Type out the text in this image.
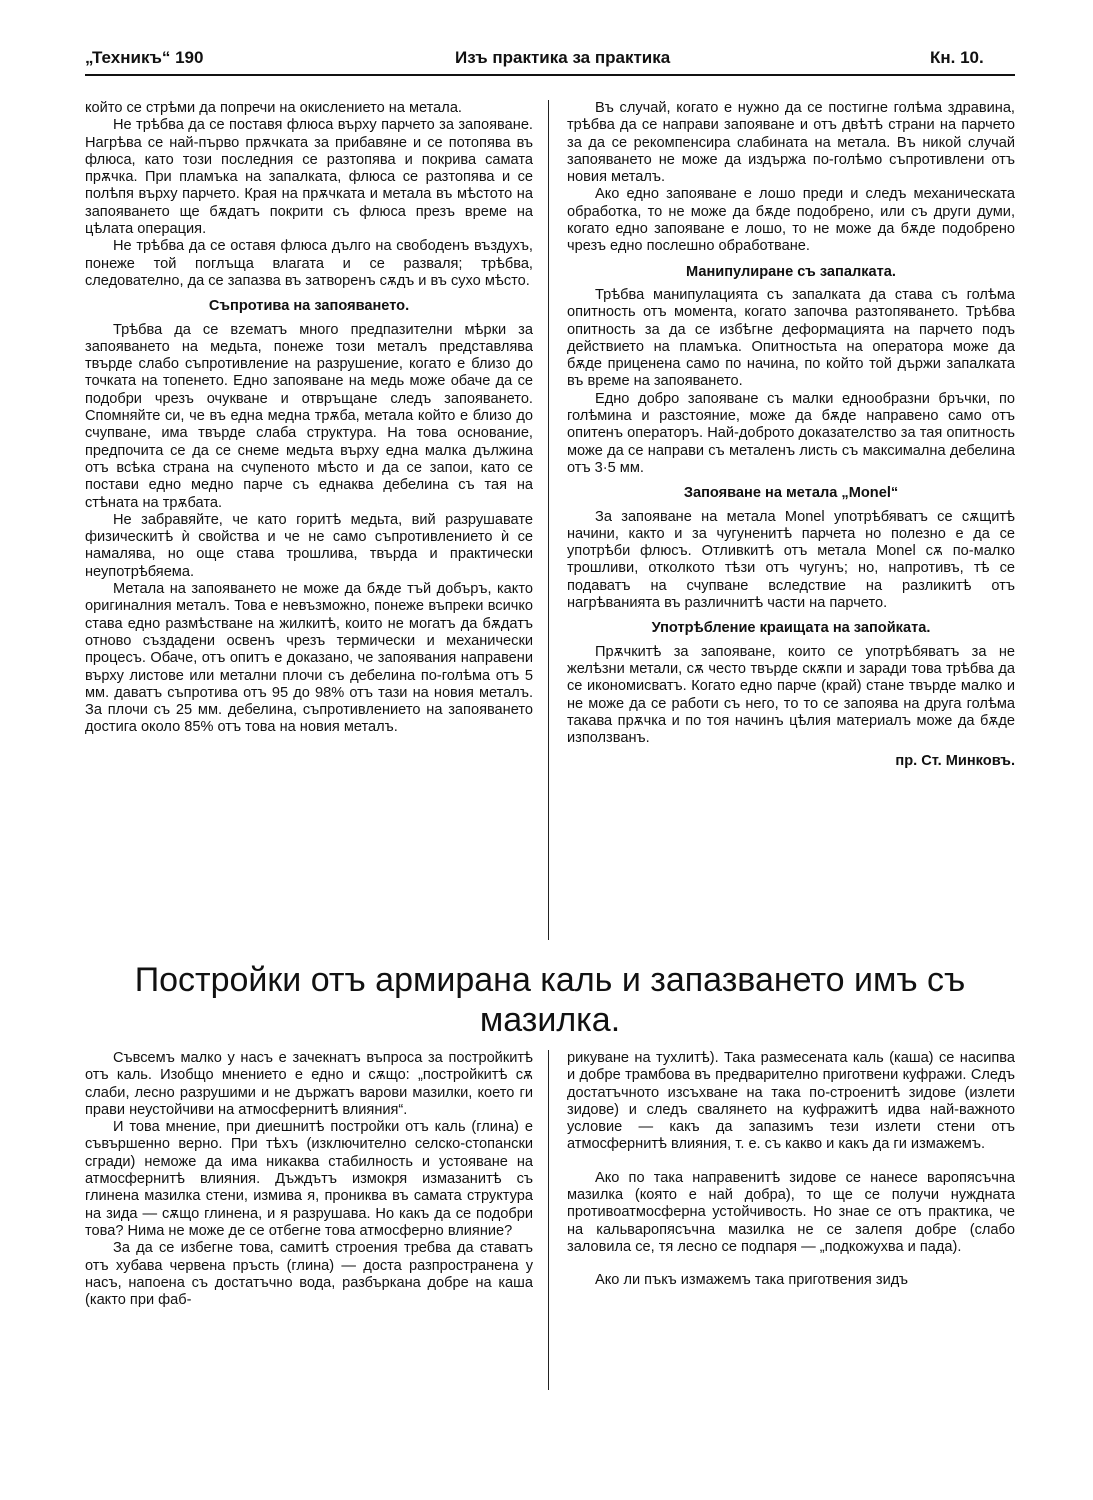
„Техникъ“ 190	Изъ практика за практика	Кн. 10.

който се стрѣми да попречи на окислението на метала.

Не трѣбва да се поставя флюса върху парчето за запояване. Нагрѣва се най-първо прѫчката за прибавяне и се потопява въ флюса, като този последния се разтопява и покрива самата прѫчка. При пламъка на запалката, флюса се разтопява и се полѣпя върху парчето. Края на прѫчката и метала въ мѣстото на запояването ще бѫдатъ покрити съ флюса презъ време на цѣлата операция.

Не трѣбва да се оставя флюса дълго на свободенъ въздухъ, понеже той поглъща влагата и се разваля; трѣбва, следователно, да се запазва въ затворенъ сѫдъ и въ сухо мѣсто.

Съпротива на запояването.

Трѣбва да се вzематъ много предпазителни мѣрки за запояването на медьта, понеже този металъ представлява твърде слабо съпротивление на разрушение, когато е близо до точката на топенето. Едно запояване на медь може обаче да се подобри чрезъ очукване и отвръщане следъ запояването. Спомняйте си, че въ една медна трѫба, метала който е близо до счупване, има твърде слаба структура. На това основание, предпочита се да се снеме медьта върху една малка дължина отъ всѣка страна на счупеното мѣсто и да се запои, като се постави едно медно парче съ еднаква дебелина съ тая на стѣната на трѫбата.

Не забравяйте, че като горитѣ медьта, вий разрушавате физическитѣ ѝ свойства и че не само съпротивлението ѝ се намалява, но още става трошлива, твърда и практически неупотрѣбяема.

Метала на запояването не може да бѫде тъй добъръ, както оригиналния металъ. Това е невъзможно, понеже въпреки всичко става едно размѣстване на жилкитѣ, които не могатъ да бѫдатъ отново създадени освенъ чрезъ термически и механически процесъ. Обаче, отъ опитъ е доказано, че запоявания направени върху листове или метални плочи съ дебелина по-голѣма отъ 5 мм. даватъ съпротива отъ 95 до 98% отъ тази на новия металъ. За плочи съ 25 мм. дебелина, съпротивлението на запояването достига около 85% отъ това на новия металъ.

Въ случай, когато е нужно да се постигне голѣма здравина, трѣбва да се направи запояване и отъ двѣтѣ страни на парчето за да се рекомпенсира слабината на метала. Въ никой случай запояването не може да издържа по-голѣмо съпротивлени отъ новия металъ.

Ако едно запояване е лошо преди и следъ механическата обработка, то не може да бѫде подобрено, или съ други думи, когато едно запояване е лошо, то не може да бѫде подобрено чрезъ едно послешно обработване.

Манипулиране съ запалката.

Трѣбва манипулацията съ запалката да става съ голѣма опитность отъ момента, когато започва разтопяването. Трѣбва опитность за да се избѣгне деформацията на парчето подъ действието на пламъка. Опитностьта на оператора може да бѫде прицененa само по начина, по който той държи запалката въ време на запояването.

Едно добро запояване съ малки еднообразни бръчки, по голѣмина и разстояние, може да бѫде направено само отъ опитенъ операторъ. Най-доброто доказателство за тая опитность може да се направи съ металенъ листь съ максимална дебелина отъ 3·5 мм.

Запояване на метала „Monel“

За запояване на метала Monel употрѣбяватъ се сѫщитѣ начини, както и за чугуненитѣ парчета но полезно е да се употрѣби флюсъ. Отливкитѣ отъ метала Monel сѫ по-малко трошливи, отколкото тѣзи отъ чугунъ; но, напротивъ, тѣ се подаватъ на счупване вследствие на разликитѣ отъ нагрѣванията въ различнитѣ части на парчето.

Употрѣбление краищата на запойката.

Прѫчкитѣ за запояване, които се употрѣбяватъ за не желѣзни метали, сѫ често твърде скѫпи и заради това трѣбва да се икономисватъ. Когато едно парче (край) стане твърде малко и не може да се работи съ него, то то се запоява на друга голѣма такава прѫчка и по тоя начинъ цѣлия материалъ може да бѫде използванъ.

пр. Ст. Минковъ.
Постройки отъ армирана каль и запазването имъ съ мазилка.

Съвсемъ малко у насъ е зачекнатъ въпроса за постройкитѣ отъ каль. Изобщо мнението е едно и сѫщо: „постройкитѣ сѫ слаби, лесно разрушими и не държатъ варови мазилки, което ги прави неустойчиви на атмосфернитѣ влияния“.

И това мнение, при диешнитѣ постройки отъ каль (глина) е съвършенно верно. При тѣхъ (изключително селско-стопански сгради) неможе да има никаква стабилность и устояване на атмосфернитѣ влияния. Дъждътъ измокря измазанитѣ съ глинена мазилка стени, измива я, прониква въ самата структура на зида — сѫщо глинена, и я разрушава. Но какъ да се подобри това? Нима не може де се отбегне това атмосферно влияние?

За да се избегне това, самитѣ строения требва да ставатъ отъ хубава червена пръсть (глина) — доста разпространена у насъ, напоена съ достатъчно вода, разбъркана добре на каша (както при фаб-

рикуване на тухлитѣ). Така размесената каль (каша) се насипва и добре трамбова въ предварително приготвени куфражи. Следъ достатъчното изсъхване на така по-строенитѣ зидове (излети зидове) и следъ свалянето на куфражитѣ идва най-важното условие — какъ да запазимъ тези излети стени отъ атмосфернитѣ влияния, т. е. съ какво и какъ да ги измажемъ.

Ако по така направенитѣ зидове се нанесе варопясъчна мазилка (която е най добра), то ще се получи нуждната противоатмосферна устойчивость. Но знае се отъ практика, че на кальваропясъчна мазилка не се залепя добре (слабо заловила се, тя лесно се подпаря — „подкожухва и пада).

Ако ли пъкъ измажемъ така приготвения зидъ
